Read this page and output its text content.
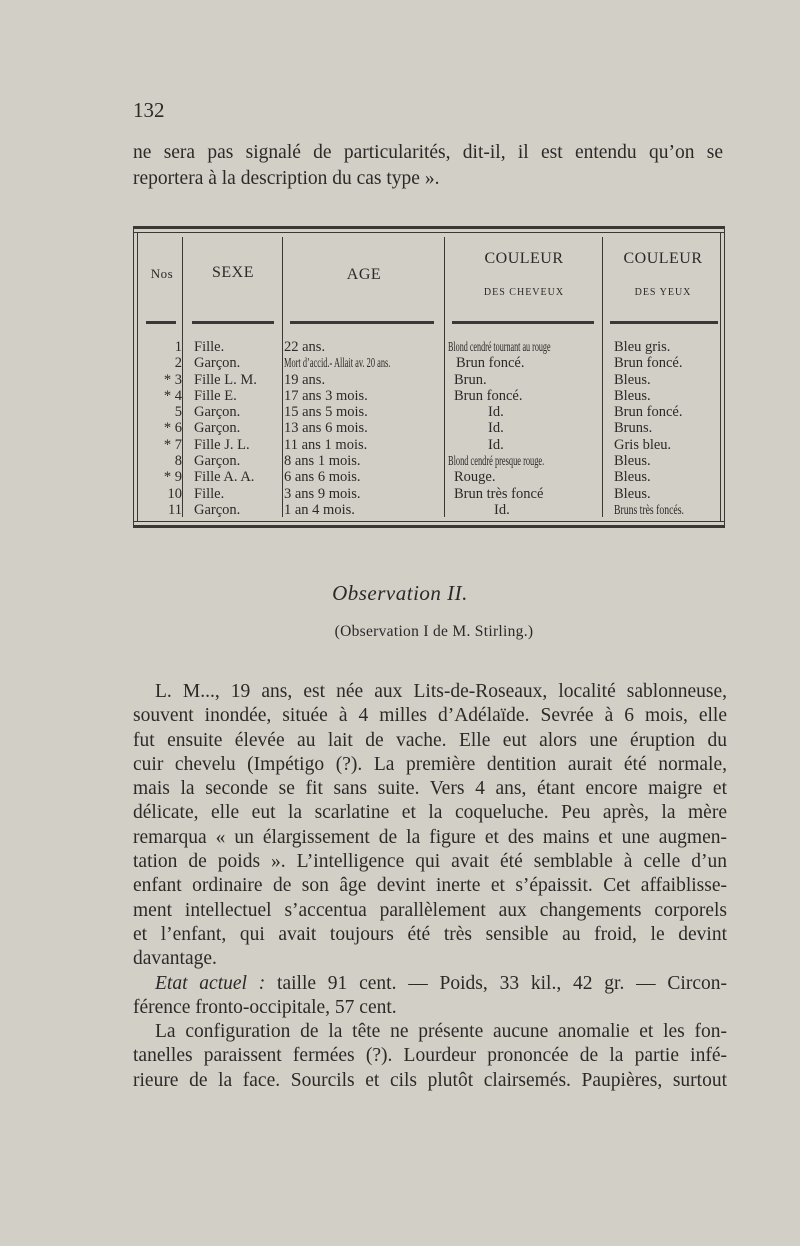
132
ne sera pas signalé de particularités, dit-il, il est entendu qu’on se
reportera à la description du cas type ».
Nos	SEXE	AGE
COULEUR
DES CHEVEUX
COULEUR
DES YEUX
1
2
* 3
* 4
5
* 6
* 7
8
* 9
10
11
Fille.
Garçon.
Fille L. M.
Fille E.
Garçon.
Garçon.
Fille J. L.
Garçon.
Fille A. A.
Fille.
Garçon.
22 ans.
Mort d’accid.- Allait av. 20 ans.
19 ans.
17 ans 3 mois.
15 ans 5 mois.
13 ans 6 mois.
11 ans 1 mois.
8 ans 1 mois.
6 ans 6 mois.
3 ans 9 mois.
1 an 4 mois.
Blond cendré tournant au rouge
Brun foncé.
Brun.
Brun foncé.
Id.
Id.
Id.
Blond cendré presque rouge.
Rouge.
Brun très foncé
Id.
Bleu gris.
Brun foncé.
Bleus.
Bleus.
Brun foncé.
Bruns.
Gris bleu.
Bleus.
Bleus.
Bleus.
Bruns très foncés.
Observation II.
(Observation I de M. Stirling.)
L. M..., 19 ans, est née aux Lits-de-Roseaux, localité sablonneuse,
souvent inondée, située à 4 milles d’Adélaïde. Sevrée à 6 mois, elle
fut ensuite élevée au lait de vache. Elle eut alors une éruption du
cuir chevelu (Impétigo (?). La première dentition aurait été normale,
mais la seconde se fit sans suite. Vers 4 ans, étant encore maigre et
délicate, elle eut la scarlatine et la coqueluche. Peu après, la mère
remarqua « un élargissement de la figure et des mains et une augmen-
tation de poids ». L’intelligence qui avait été semblable à celle d’un
enfant ordinaire de son âge devint inerte et s’épaissit. Cet affaiblisse-
ment intellectuel s’accentua parallèlement aux changements corporels
et l’enfant, qui avait toujours été très sensible au froid, le devint
davantage.
Etat actuel : taille 91 cent. — Poids, 33 kil., 42 gr. — Circon-
férence fronto-occipitale, 57 cent.
La configuration de la tête ne présente aucune anomalie et les fon-
tanelles paraissent fermées (?). Lourdeur prononcée de la partie infé-
rieure de la face. Sourcils et cils plutôt clairsemés. Paupières, surtout
